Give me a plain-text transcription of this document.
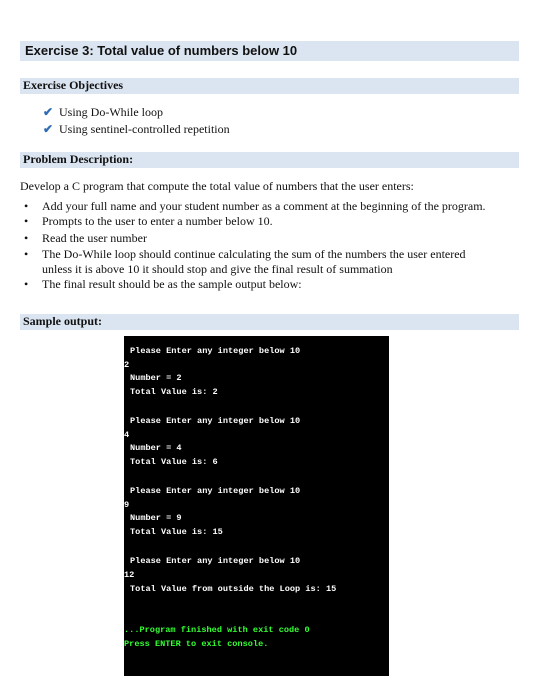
Exercise 3: Total value of numbers below 10
Exercise Objectives
✔ Using Do-While loop
✔ Using sentinel-controlled repetition
Problem Description:
Develop a C program that compute the total value of numbers that the user enters:
• Add your full name and your student number as a comment at the beginning of the program.
• Prompts to the user to enter a number below 10.
• Read the user number
• The Do-While loop should continue calculating the sum of the numbers the user entered
unless it is above 10 it should stop and give the final result of summation
• The final result should be as the sample output below:
Sample output:
Please Enter any integer below 10
2
Number = 2
Total Value is: 2
Please Enter any integer below 10
4
Number = 4
Total Value is: 6
Please Enter any integer below 10
9
Number = 9
Total Value is: 15
Please Enter any integer below 10
12
Total Value from outside the Loop is: 15
...Program finished with exit code 0
Press ENTER to exit console.
